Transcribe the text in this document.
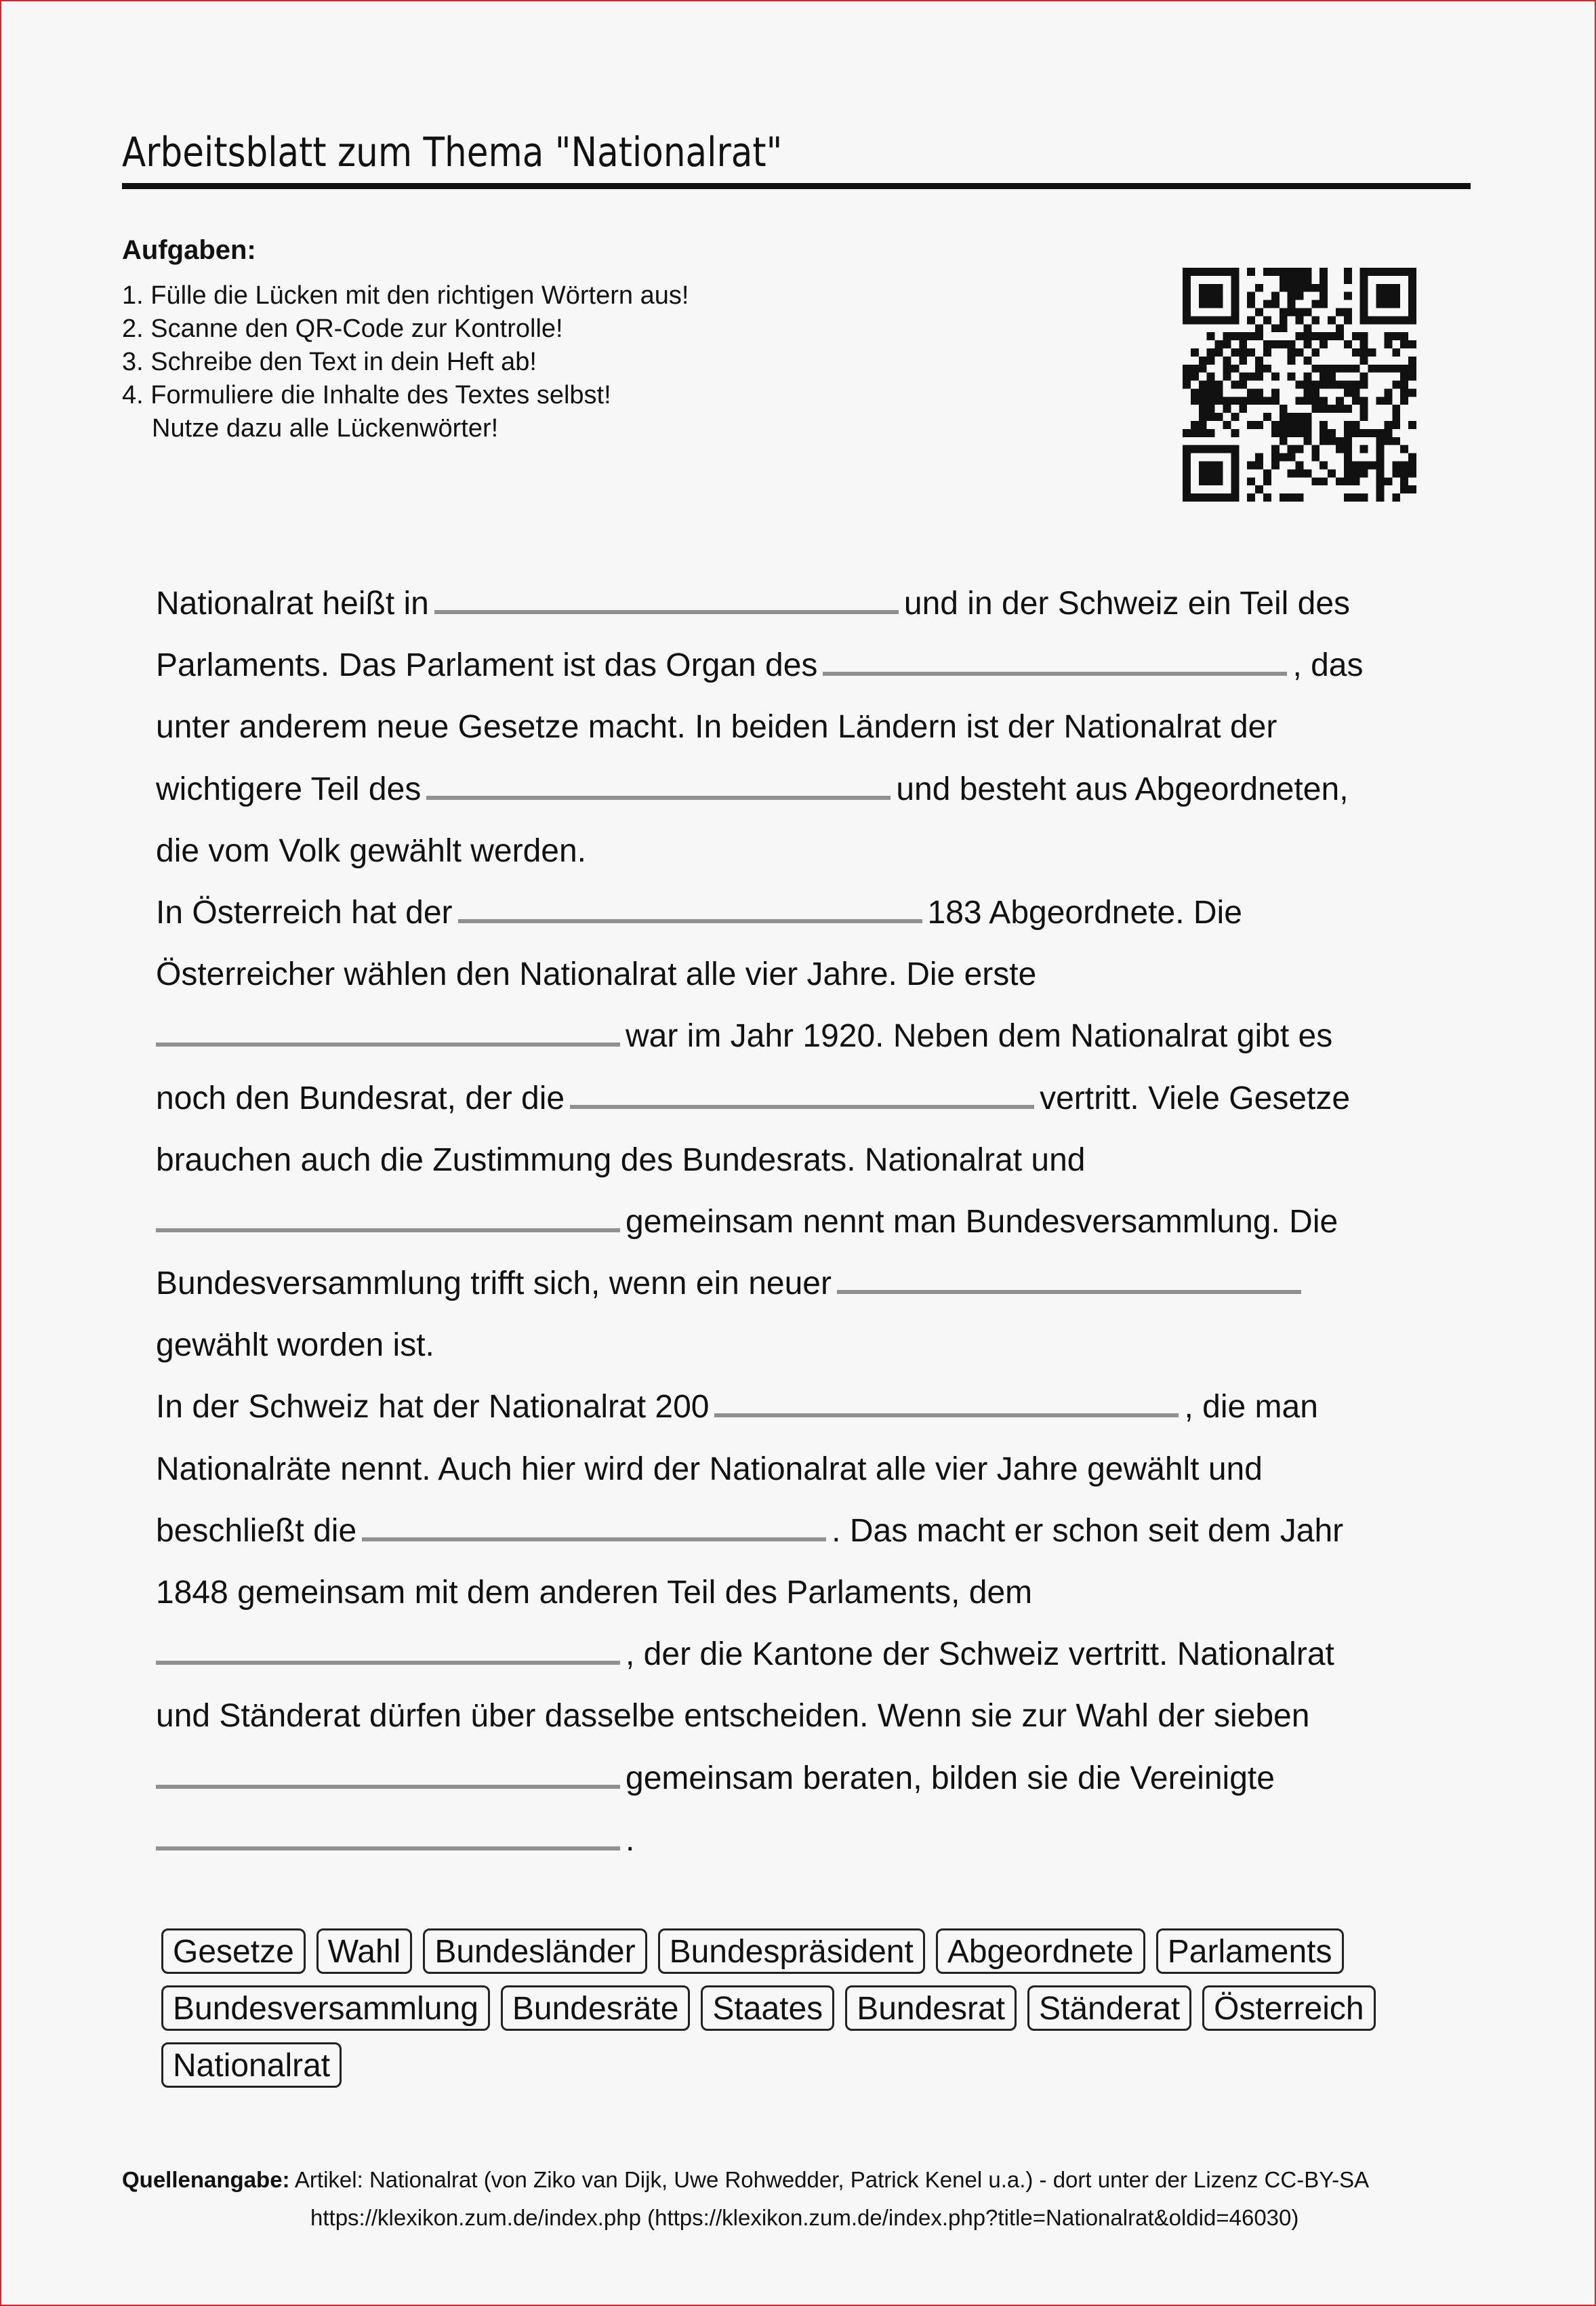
Arbeitsblatt zum Thema "Nationalrat"
Aufgaben:
1. Fülle die Lücken mit den richtigen Wörtern aus!
2. Scanne den QR-Code zur Kontrolle!
3. Schreibe den Text in dein Heft ab!
4. Formuliere die Inhalte des Textes selbst!
Nutze dazu alle Lückenwörter!
Nationalrat heißt in	und in der Schweiz ein Teil des
Parlaments. Das Parlament ist das Organ des	, das
unter anderem neue Gesetze macht. In beiden Ländern ist der Nationalrat der
wichtigere Teil des	und besteht aus Abgeordneten,
die vom Volk gewählt werden.
In Österreich hat der	183 Abgeordnete. Die
Österreicher wählen den Nationalrat alle vier Jahre. Die erste
war im Jahr 1920. Neben dem Nationalrat gibt es
noch den Bundesrat, der die	vertritt. Viele Gesetze
brauchen auch die Zustimmung des Bundesrats. Nationalrat und
gemeinsam nennt man Bundesversammlung. Die
Bundesversammlung trifft sich, wenn ein neuer
gewählt worden ist.
In der Schweiz hat der Nationalrat 200	, die man
Nationalräte nennt. Auch hier wird der Nationalrat alle vier Jahre gewählt und
beschließt die	. Das macht er schon seit dem Jahr
1848 gemeinsam mit dem anderen Teil des Parlaments, dem
, der die Kantone der Schweiz vertritt. Nationalrat
und Ständerat dürfen über dasselbe entscheiden. Wenn sie zur Wahl der sieben
gemeinsam beraten, bilden sie die Vereinigte
.
Gesetze	Wahl	Bundesländer	Bundespräsident	Abgeordnete	Parlaments
Bundesversammlung	Bundesräte	Staates	Bundesrat	Ständerat	Österreich
Nationalrat
Quellenangabe: Artikel: Nationalrat (von Ziko van Dijk, Uwe Rohwedder, Patrick Kenel u.a.) - dort unter der Lizenz CC-BY-SA
https://klexikon.zum.de/index.php (https://klexikon.zum.de/index.php?title=Nationalrat&oldid=46030)
